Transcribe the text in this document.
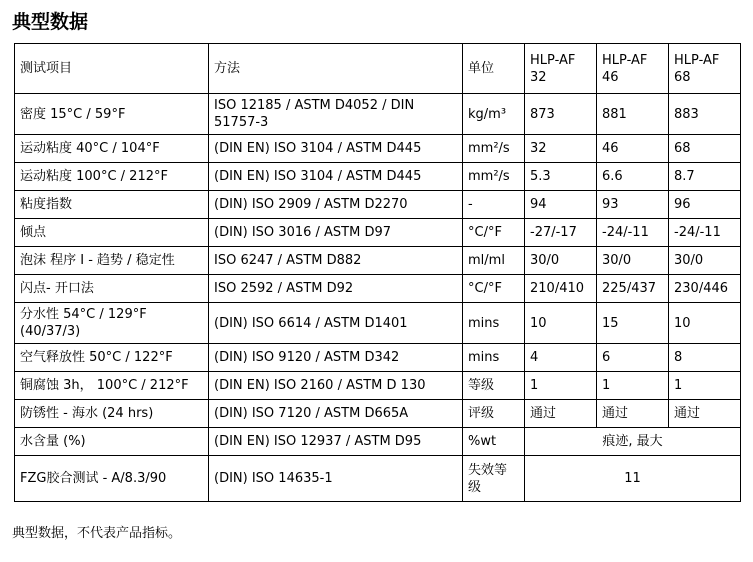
典型数据
测试项目	方法	单位	HLP-AF 32	HLP-AF 46	HLP-AF 68
密度 15°C / 59°F	ISO 12185 / ASTM D4052 / DIN 51757-3	kg/m³	873	881	883
运动粘度 40°C / 104°F	(DIN EN) ISO 3104 / ASTM D445	mm²/s	32	46	68
运动粘度 100°C / 212°F	(DIN EN) ISO 3104 / ASTM D445	mm²/s	5.3	6.6	8.7
粘度指数	(DIN) ISO 2909 / ASTM D2270	-	94	93	96
倾点	(DIN) ISO 3016 / ASTM D97	°C/°F	-27/-17	-24/-11	-24/-11
泡沫 程序 I - 趋势 / 稳定性	ISO 6247 / ASTM D882	ml/ml	30/0	30/0	30/0
闪点- 开口法	ISO 2592 / ASTM D92	°C/°F	210/410	225/437	230/446
分水性 54°C / 129°F (40/37/3)	(DIN) ISO 6614 / ASTM D1401	mins	10	15	10
空气释放性 50°C / 122°F	(DIN) ISO 9120 / ASTM D342	mins	4	6	8
铜腐蚀 3h， 100°C / 212°F	(DIN EN) ISO 2160 / ASTM D 130	等级	1	1	1
防锈性 - 海水 (24 hrs)	(DIN) ISO 7120 / ASTM D665A	评级	通过	通过	通过
水含量 (%)	(DIN EN) ISO 12937 / ASTM D95	%wt	痕迹, 最大		
FZG胶合测试 - A/8.3/90	(DIN) ISO 14635-1	失效等级	11		

典型数据，不代表产品指标。
